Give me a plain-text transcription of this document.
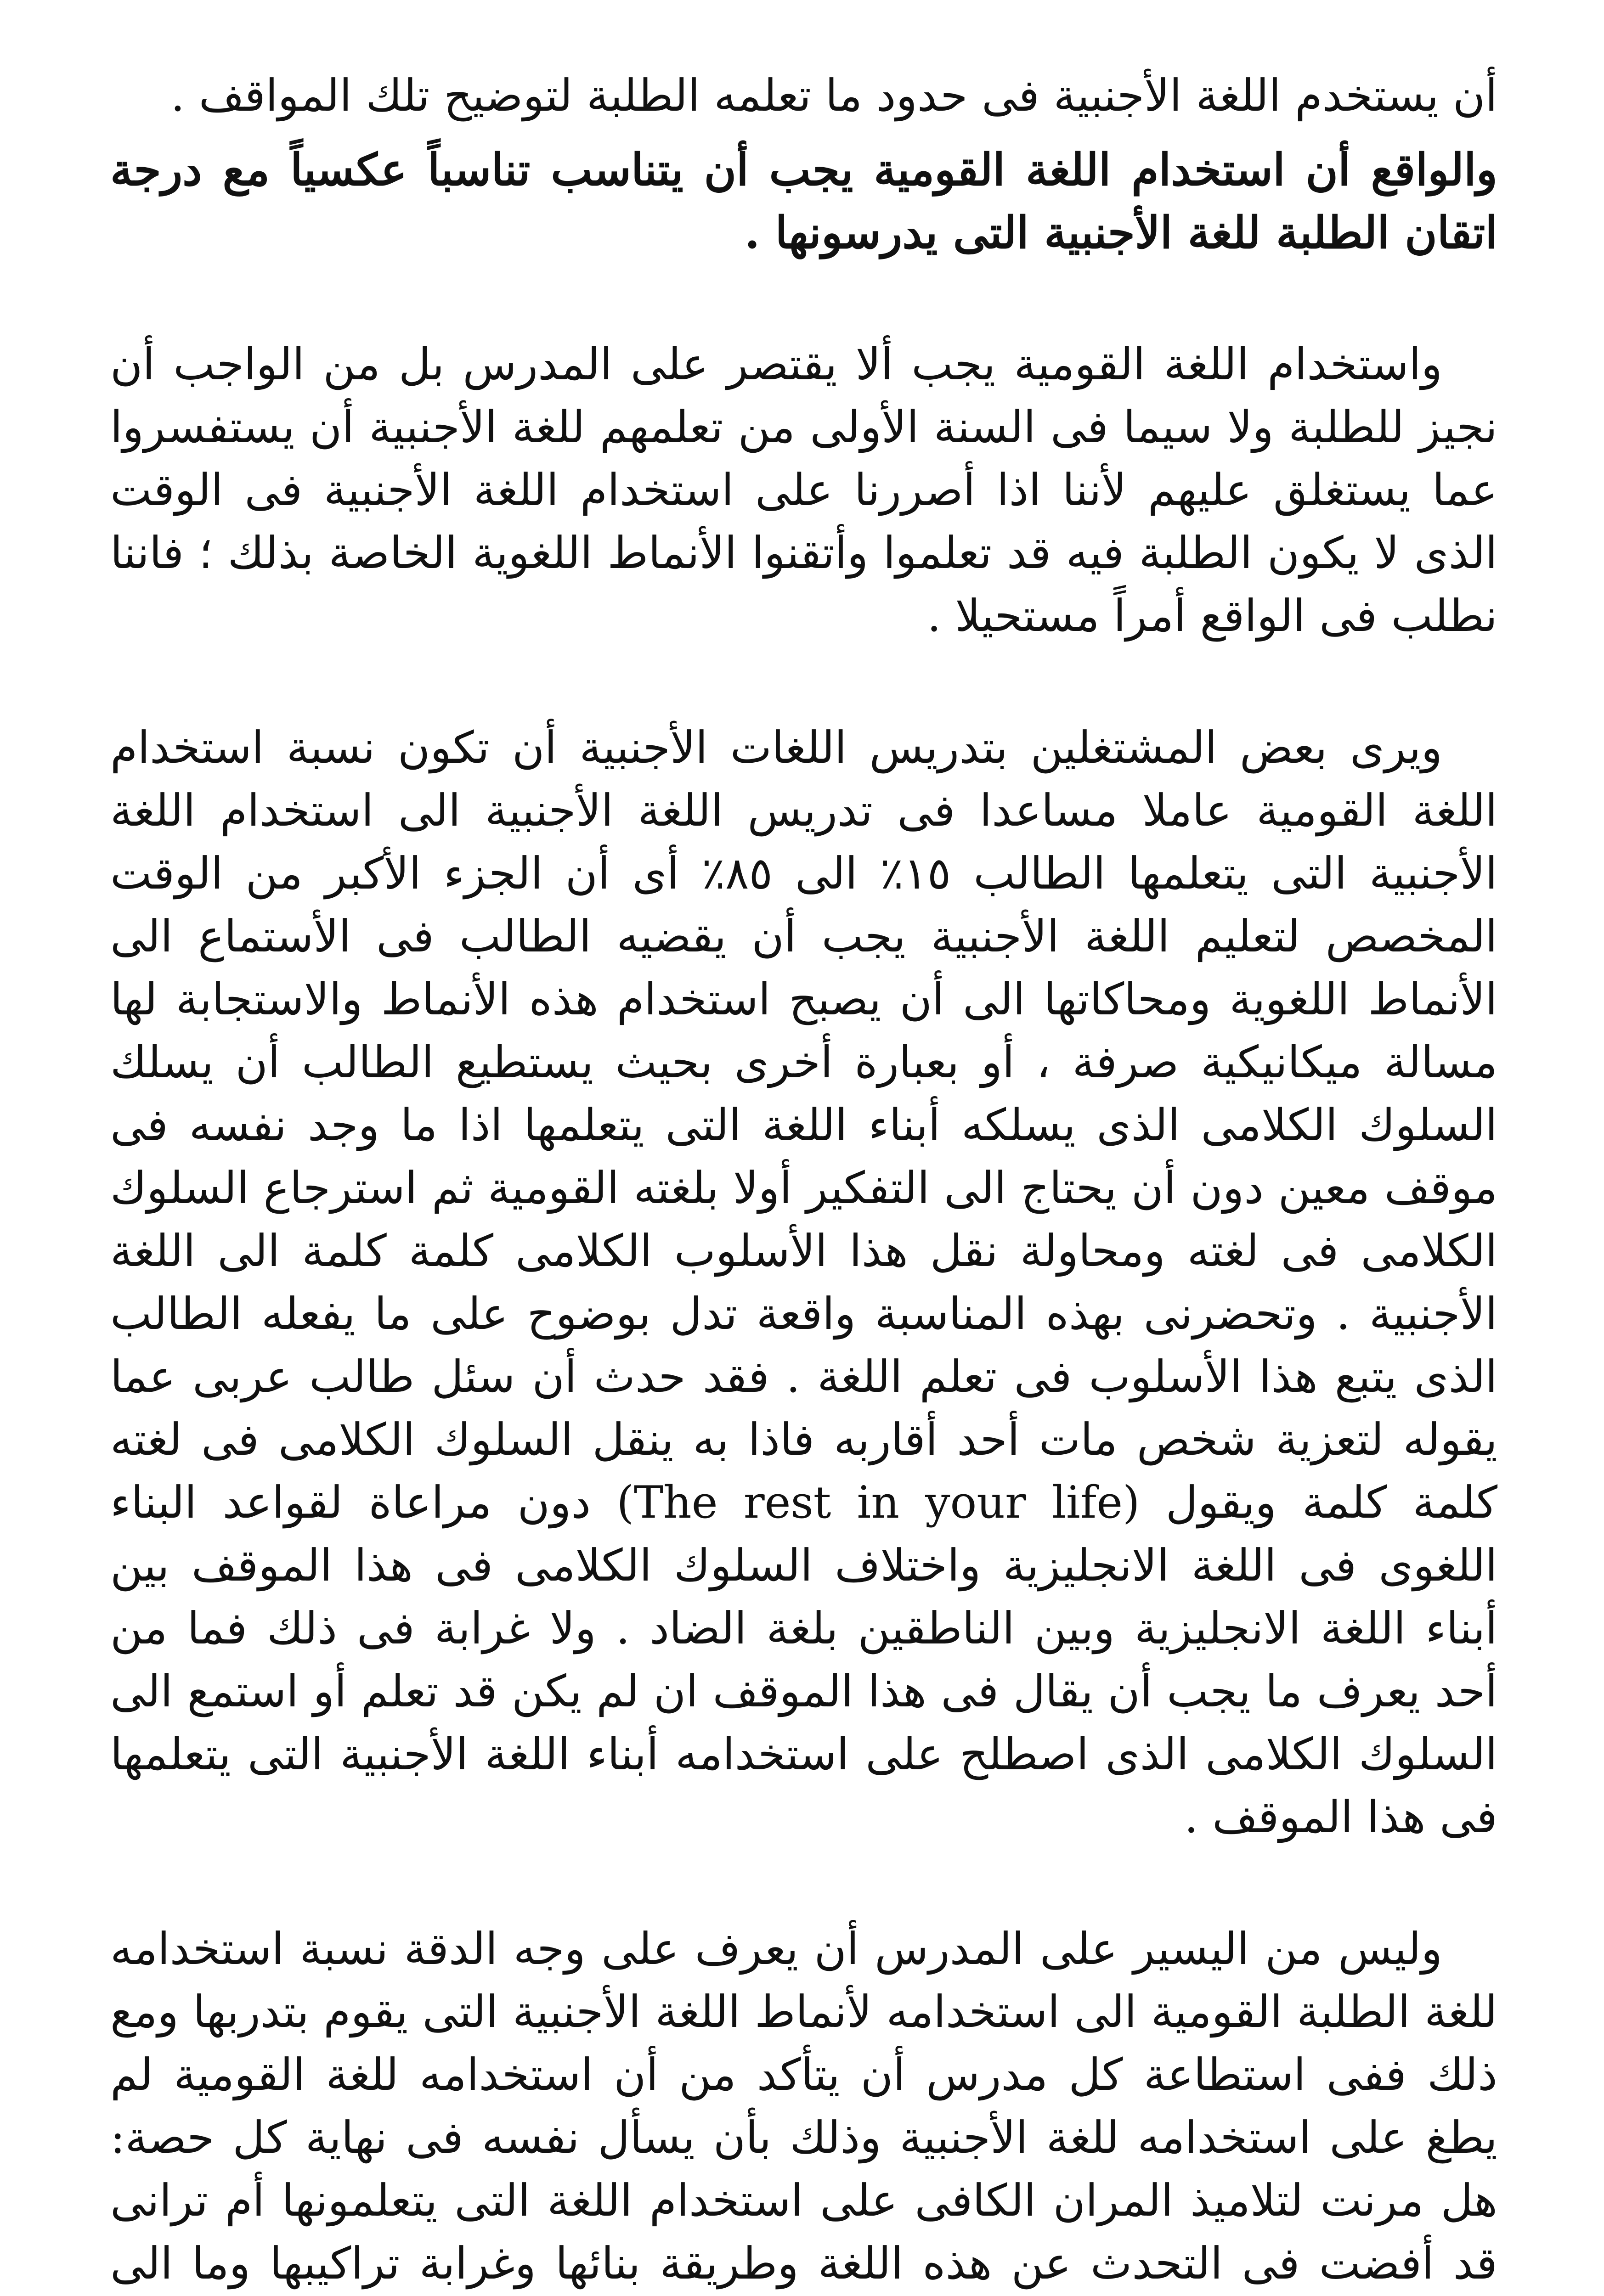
أن يستخدم اللغة الأجنبية فى حدود ما تعلمه الطلبة لتوضيح تلك المواقف .

والواقع أن استخدام اللغة القومية يجب أن يتناسب تناسباً عكسياً مع درجة اتقان الطلبة للغة الأجنبية التى يدرسونها .

واستخدام اللغة القومية يجب ألا يقتصر على المدرس بل من الواجب أن نجيز للطلبة ولا سيما فى السنة الأولى من تعلمهم للغة الأجنبية أن يستفسروا عما يستغلق عليهم لأننا اذا أصررنا على استخدام اللغة الأجنبية فى الوقت الذى لا يكون الطلبة فيه قد تعلموا وأتقنوا الأنماط اللغوية الخاصة بذلك ؛ فاننا نطلب فى الواقع أمراً مستحيلا .

ويرى بعض المشتغلين بتدريس اللغات الأجنبية أن تكون نسبة استخدام اللغة القومية عاملا مساعدا فى تدريس اللغة الأجنبية الى استخدام اللغة الأجنبية التى يتعلمها الطالب ١٥٪ الى ٨٥٪ أى أن الجزء الأكبر من الوقت المخصص لتعليم اللغة الأجنبية يجب أن يقضيه الطالب فى الأستماع الى الأنماط اللغوية ومحاكاتها الى أن يصبح استخدام هذه الأنماط والاستجابة لها مسالة ميكانيكية صرفة ، أو بعبارة أخرى بحيث يستطيع الطالب أن يسلك السلوك الكلامى الذى يسلكه أبناء اللغة التى يتعلمها اذا ما وجد نفسه فى موقف معين دون أن يحتاج الى التفكير أولا بلغته القومية ثم استرجاع السلوك الكلامى فى لغته ومحاولة نقل هذا الأسلوب الكلامى كلمة كلمة الى اللغة الأجنبية . وتحضرنى بهذه المناسبة واقعة تدل بوضوح على ما يفعله الطالب الذى يتبع هذا الأسلوب فى تعلم اللغة . فقد حدث أن سئل طالب عربى عما يقوله لتعزية شخص مات أحد أقاربه فاذا به ينقل السلوك الكلامى فى لغته كلمة كلمة ويقول (The rest in your life) دون مراعاة لقواعد البناء اللغوى فى اللغة الانجليزية واختلاف السلوك الكلامى فى هذا الموقف بين أبناء اللغة الانجليزية وبين الناطقين بلغة الضاد . ولا غرابة فى ذلك فما من أحد يعرف ما يجب أن يقال فى هذا الموقف ان لم يكن قد تعلم أو استمع الى السلوك الكلامى الذى اصطلح على استخدامه أبناء اللغة الأجنبية التى يتعلمها فى هذا الموقف .

وليس من اليسير على المدرس أن يعرف على وجه الدقة نسبة استخدامه للغة الطلبة القومية الى استخدامه لأنماط اللغة الأجنبية التى يقوم بتدربها ومع ذلك ففى استطاعة كل مدرس أن يتأكد من أن استخدامه للغة القومية لم يطغ على استخدامه للغة الأجنبية وذلك بأن يسأل نفسه فى نهاية كل حصة: هل مرنت لتلاميذ المران الكافى على استخدام اللغة التى يتعلمونها أم ترانى قد أفضت فى التحدث عن هذه اللغة وطريقة بنائها وغرابة تراكيبها وما الى
